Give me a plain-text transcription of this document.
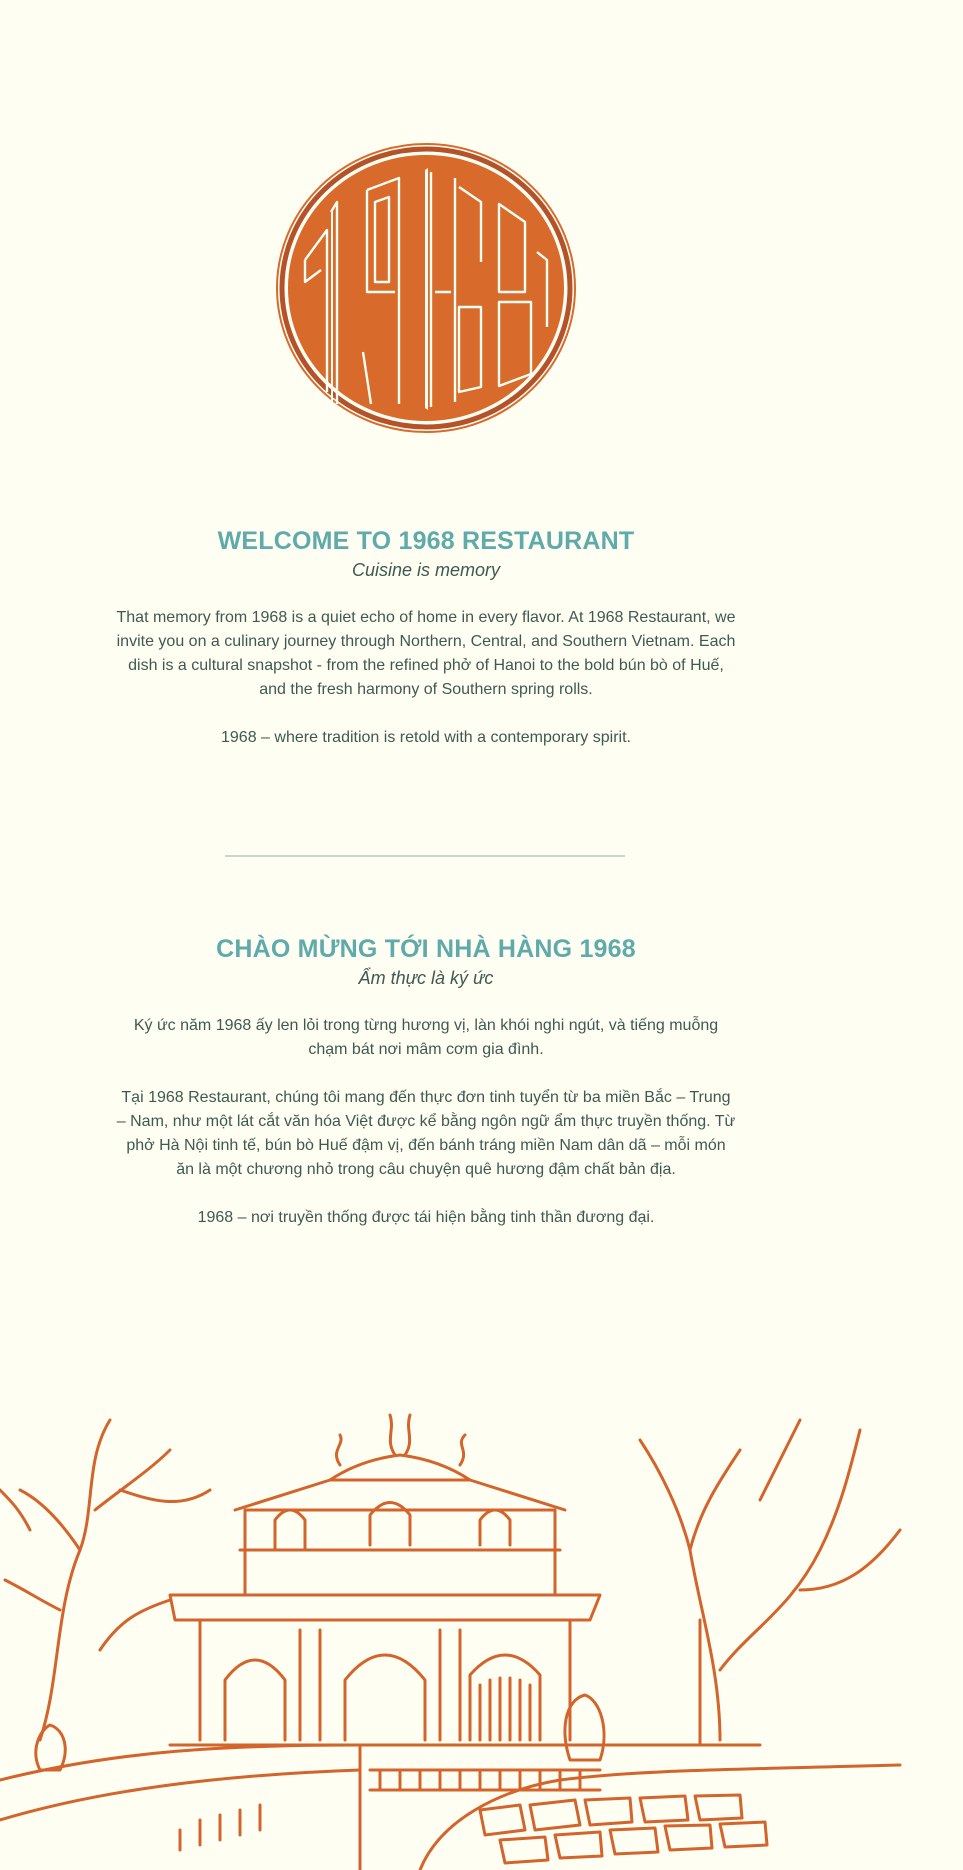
WELCOME TO 1968 RESTAURANT

Cuisine is memory

That memory from 1968 is a quiet echo of home in every flavor. At 1968 Restaurant, we invite you on a culinary journey through Northern, Central, and Southern Vietnam. Each dish is a cultural snapshot - from the refined phở of Hanoi to the bold bún bò of Huế, and the fresh harmony of Southern spring rolls.

1968 – where tradition is retold with a contemporary spirit.

CHÀO MỪNG TỚI NHÀ HÀNG 1968

Ẩm thực là ký ức

Ký ức năm 1968 ấy len lỏi trong từng hương vị, làn khói nghi ngút, và tiếng muỗng chạm bát nơi mâm cơm gia đình.

Tại 1968 Restaurant, chúng tôi mang đến thực đơn tinh tuyển từ ba miền Bắc – Trung – Nam, như một lát cắt văn hóa Việt được kể bằng ngôn ngữ ẩm thực truyền thống. Từ phở Hà Nội tinh tế, bún bò Huế đậm vị, đến bánh tráng miền Nam dân dã – mỗi món ăn là một chương nhỏ trong câu chuyện quê hương đậm chất bản địa.

1968 – nơi truyền thống được tái hiện bằng tinh thần đương đại.
